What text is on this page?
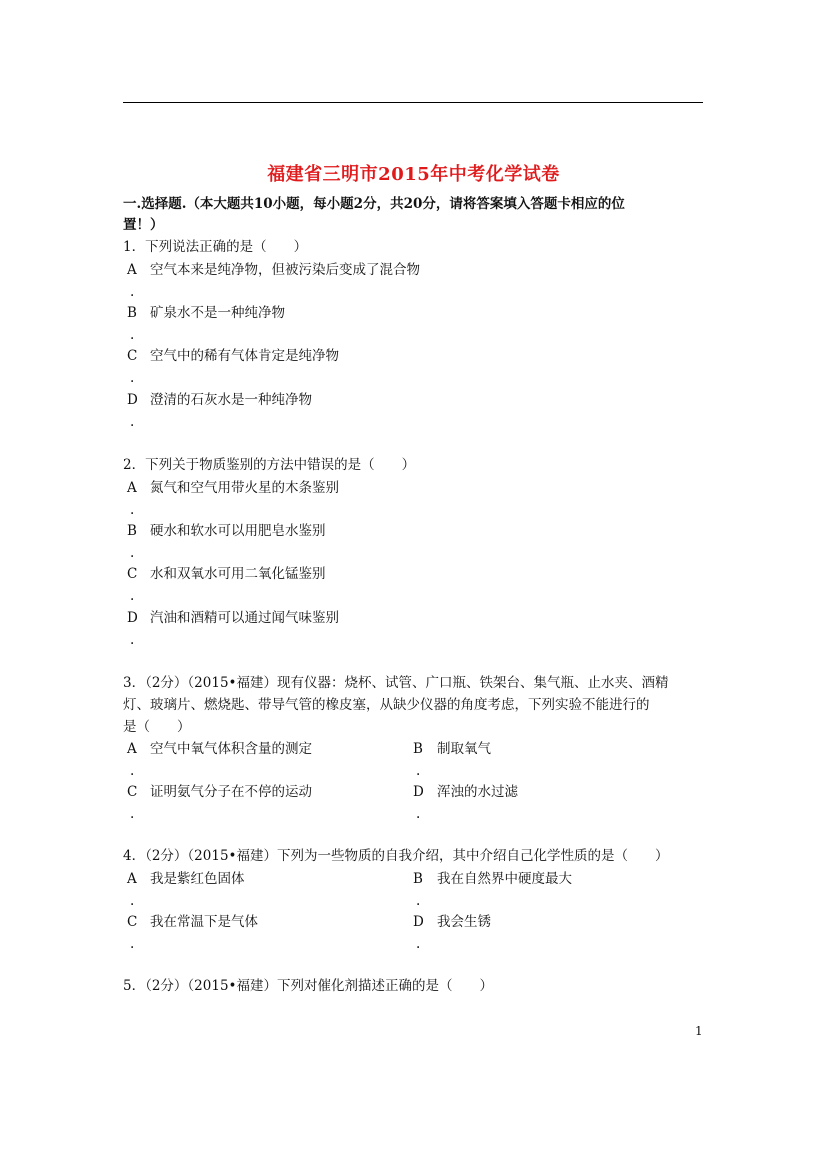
福建省三明市2015年中考化学试卷
一.选择题.（本大题共10小题，每小题2分，共20分，请将答案填入答题卡相应的位
置！）
1．下列说法正确的是（　　）
A 空气本来是纯净物，但被污染后变成了混合物
.
B 矿泉水不是一种纯净物
.
C 空气中的稀有气体肯定是纯净物
.
D 澄清的石灰水是一种纯净物
.
2．下列关于物质鉴别的方法中错误的是（　　）
A 氮气和空气用带火星的木条鉴别
.
B 硬水和软水可以用肥皂水鉴别
.
C 水和双氧水可用二氧化锰鉴别
.
D 汽油和酒精可以通过闻气味鉴别
.
3．（2分）（2015•福建）现有仪器：烧杯、试管、广口瓶、铁架台、集气瓶、止水夹、酒精
灯、玻璃片、燃烧匙、带导气管的橡皮塞，从缺少仪器的角度考虑，下列实验不能进行的
是（　　）
A 空气中氧气体积含量的测定
.
B 制取氧气
.
C 证明氨气分子在不停的运动
.
D 浑浊的水过滤
.
4．（2分）（2015•福建）下列为一些物质的自我介绍，其中介绍自己化学性质的是（　　）
A 我是紫红色固体
.
B 我在自然界中硬度最大
.
C 我在常温下是气体
.
D 我会生锈
.
5．（2分）（2015•福建）下列对催化剂描述正确的是（　　）
1
